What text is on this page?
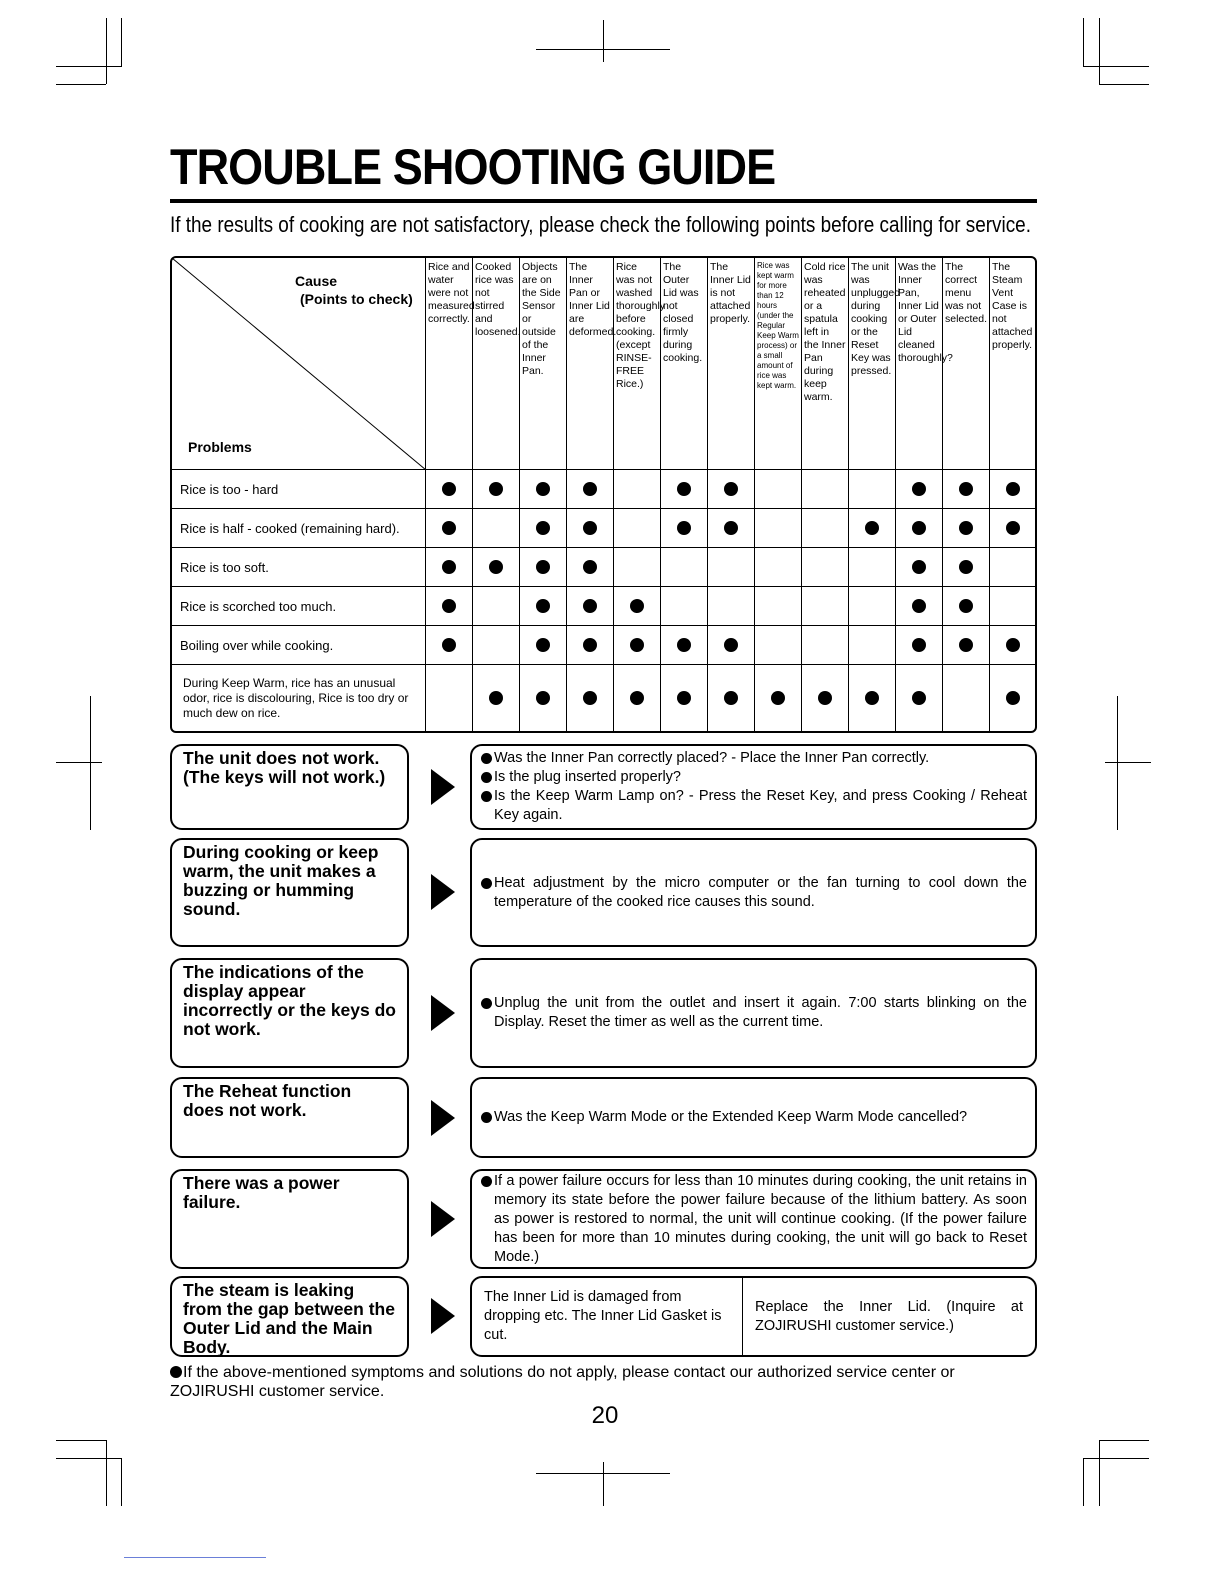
TROUBLE SHOOTING GUIDE
If the results of cooking are not satisfactory, please check the following points before calling for service.
Cause
(Points to check)
Problems
Rice and water were not measured correctly.
Cooked rice was not stirred and loosened.
Objects are on the Side Sensor or outside of the Inner Pan.
The Inner Pan or Inner Lid are deformed.
Rice was not washed thoroughly before cooking. (except RINSE-FREE Rice.)
The Outer Lid was not closed firmly during cooking.
The Inner Lid is not attached properly.
Rice was kept warm for more than 12 hours (under the Regular Keep Warm process) or a small amount of rice was kept warm.
Cold rice was reheated or a spatula left in the Inner Pan during keep warm.
The unit was unplugged during cooking or the Reset Key was pressed.
Was the Inner Pan, Inner Lid or Outer Lid cleaned thoroughly?
The correct menu was not selected.
The Steam Vent Case is not attached properly.
Rice is too - hard
Rice is half - cooked (remaining hard).
Rice is too soft.
Rice is scorched too much.
Boiling over while cooking.
During Keep Warm, rice has an unusual odor, rice is discolouring, Rice is too dry or much dew on rice.
The unit does not work. (The keys will not work.)
Was the Inner Pan correctly placed? - Place the Inner Pan correctly.
Is the plug inserted properly?
Is the Keep Warm Lamp on? - Press the Reset Key, and press Cooking / Reheat Key again.
During cooking or keep warm, the unit makes a buzzing or humming sound.
Heat adjustment by the micro computer or the fan turning to cool down the temperature of the cooked rice causes this sound.
The indications of the display appear incorrectly or the keys do not work.
Unplug the unit from the outlet and insert it again. 7:00 starts blinking on the Display. Reset the timer as well as the current time.
The Reheat function does not work.	Was the Keep Warm Mode or the Extended Keep Warm Mode cancelled?
There was a power failure.
If a power failure occurs for less than 10 minutes during cooking, the unit retains in memory its state before the power failure because of the lithium battery. As soon as power is restored to normal, the unit will continue cooking. (If the power failure has been for more than 10 minutes during cooking, the unit will go back to Reset Mode.)
The steam is leaking from the gap between the Outer Lid and the Main Body.
The Inner Lid is damaged from dropping etc. The Inner Lid Gasket is cut.
Replace the Inner Lid. (Inquire at ZOJIRUSHI customer service.)
If the above-mentioned symptoms and solutions do not apply, please contact our authorized service center or ZOJIRUSHI customer service.
20
